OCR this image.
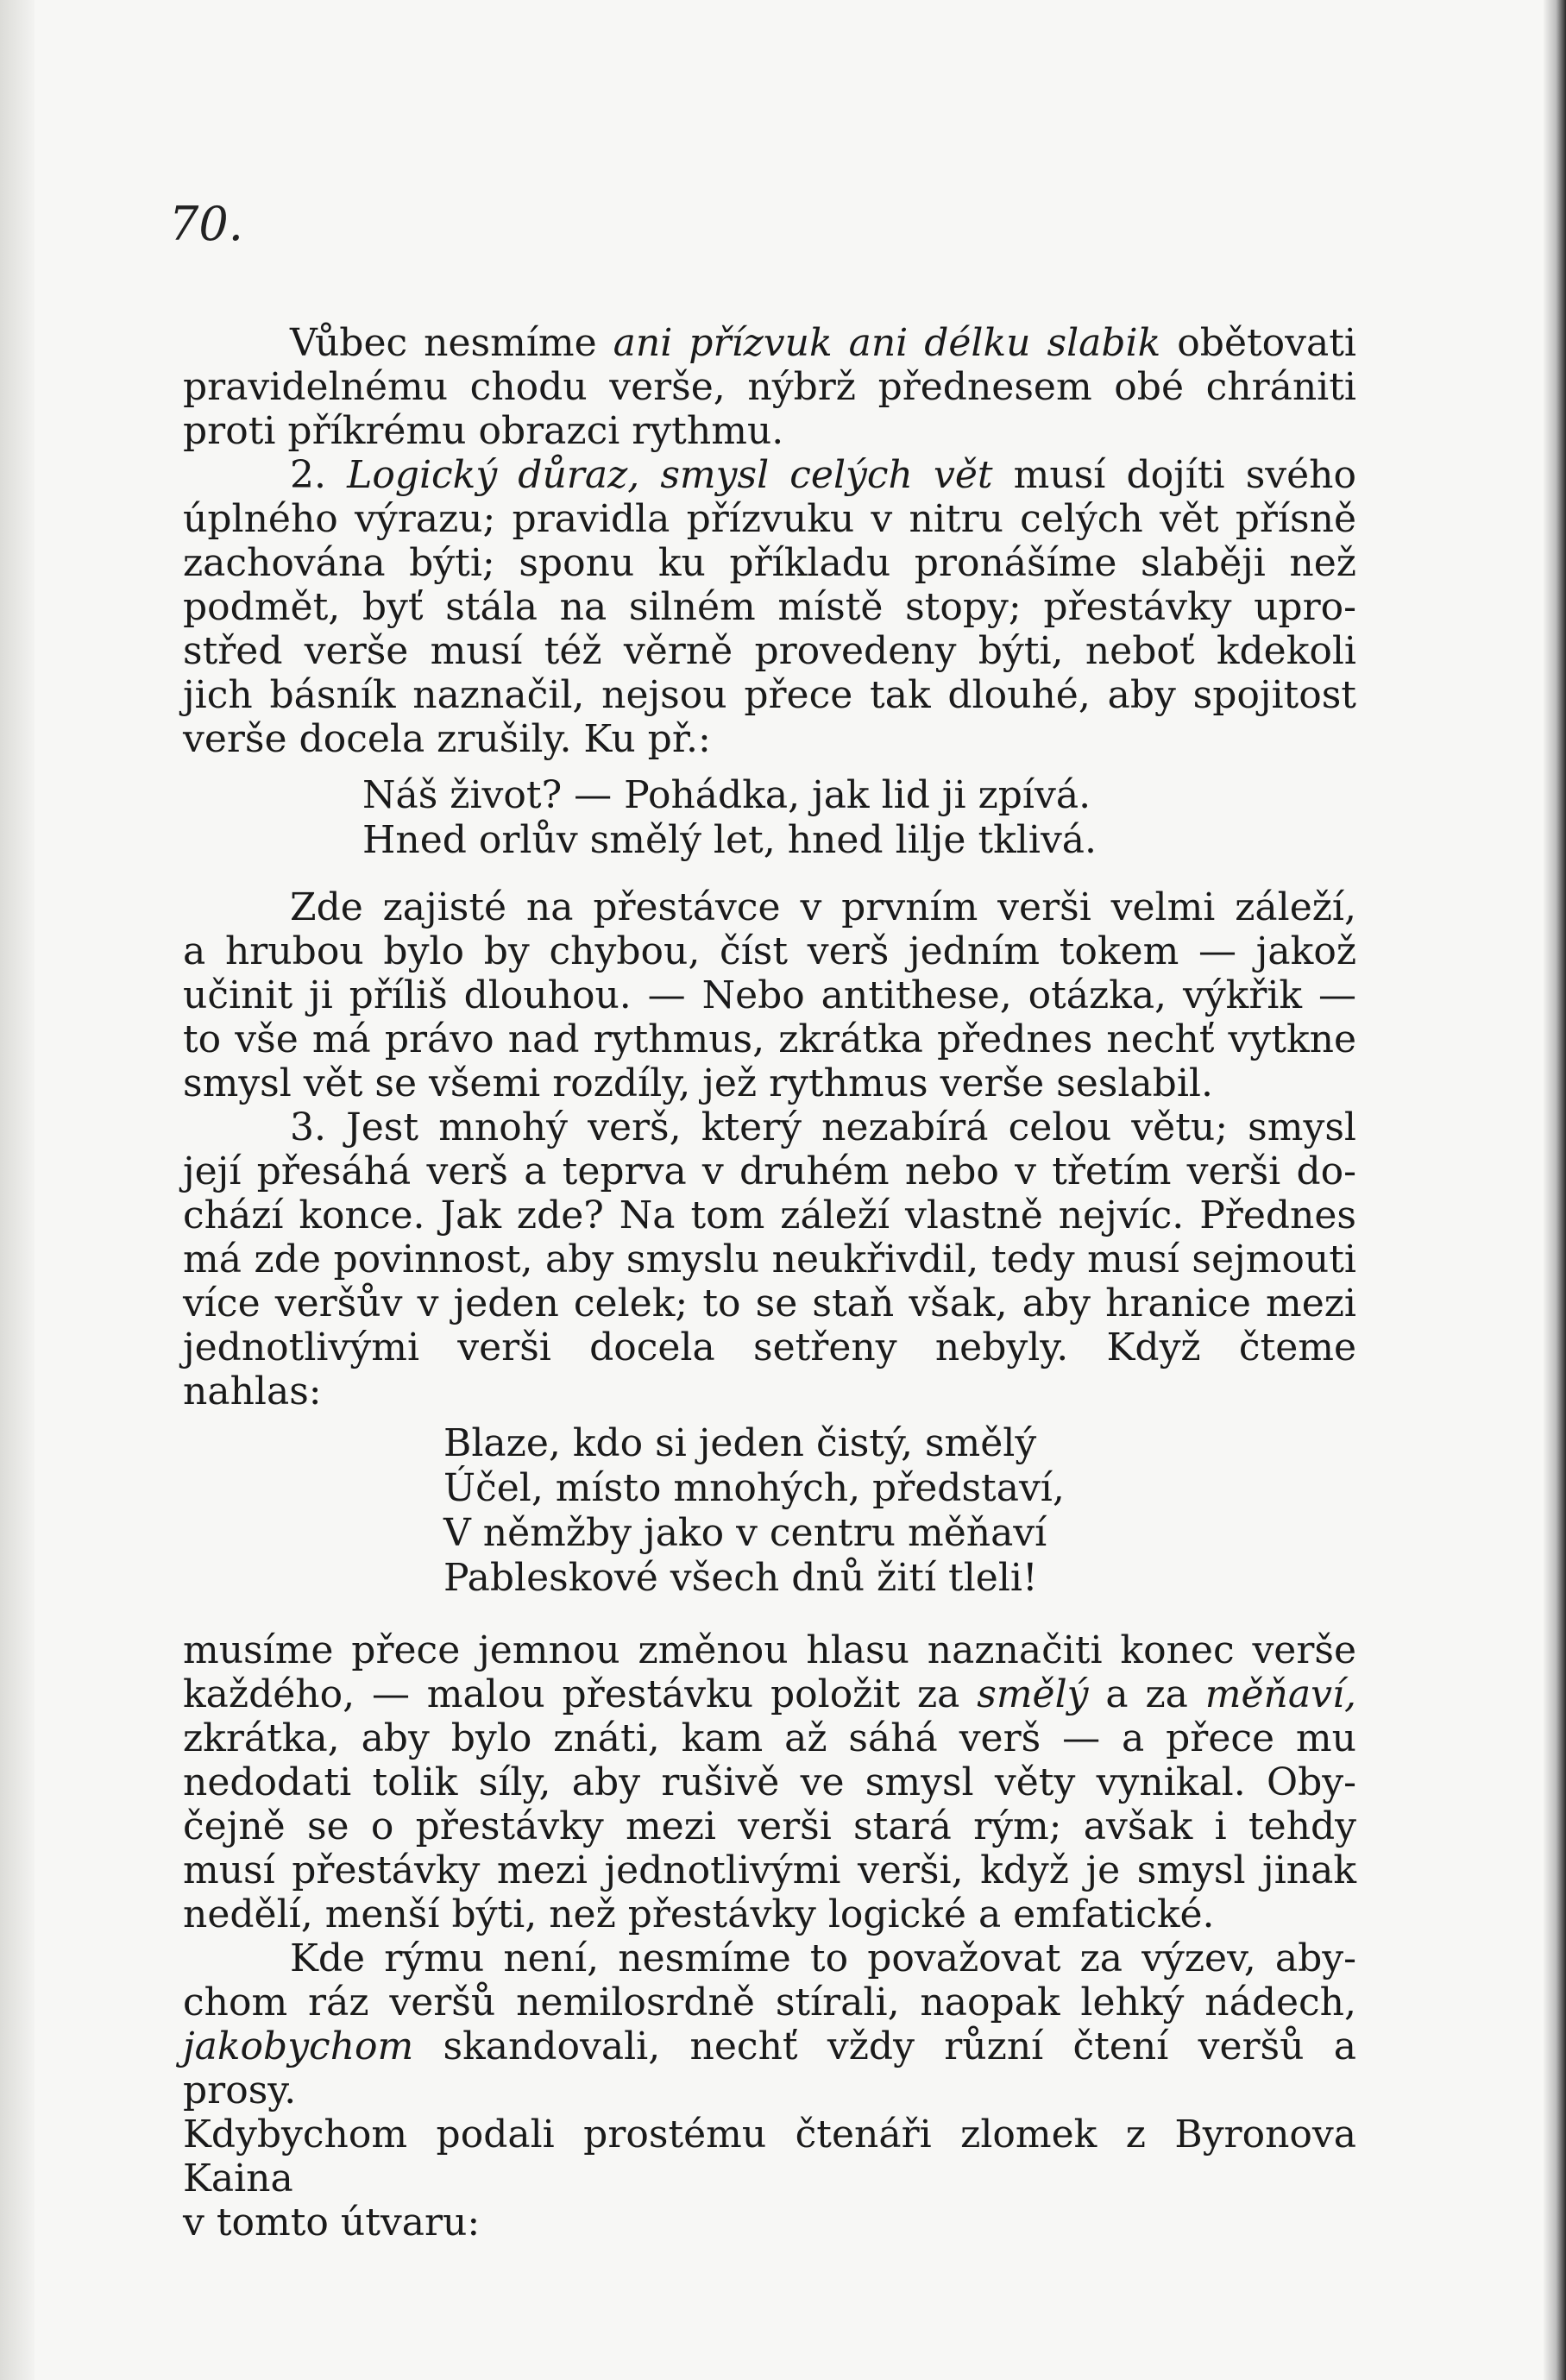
70.
Vůbec nesmíme ani přízvuk ani délku slabik obětovati
pravidelnému chodu verše, nýbrž přednesem obé chrániti
proti příkrému obrazci rythmu.
2. Logický důraz, smysl celých vět musí dojíti svého
úplného výrazu; pravidla přízvuku v nitru celých vět přísně
zachována býti; sponu ku příkladu pronášíme slaběji než
podmět, byť stála na silném místě stopy; přestávky upro-
střed verše musí též věrně provedeny býti, neboť kdekoli
jich básník naznačil, nejsou přece tak dlouhé, aby spojitost
verše docela zrušily. Ku př.:
Náš život? — Pohádka, jak lid ji zpívá.
Hned orlův smělý let, hned lilje tklivá.
Zde zajisté na přestávce v prvním verši velmi záleží,
a hrubou bylo by chybou, číst verš jedním tokem — jakož
učinit ji příliš dlouhou. — Nebo antithese, otázka, výkřik —
to vše má právo nad rythmus, zkrátka přednes nechť vytkne
smysl vět se všemi rozdíly, jež rythmus verše seslabil.
3. Jest mnohý verš, který nezabírá celou větu; smysl
její přesáhá verš a teprva v druhém nebo v třetím verši do-
chází konce. Jak zde? Na tom záleží vlastně nejvíc. Přednes
má zde povinnost, aby smyslu neukřivdil, tedy musí sejmouti
více veršův v jeden celek; to se staň však, aby hranice mezi
jednotlivými verši docela setřeny nebyly. Když čteme
nahlas:
Blaze, kdo si jeden čistý, smělý
Účel, místo mnohých, představí,
V němžby jako v centru měňaví
Pableskové všech dnů žití tleli!
musíme přece jemnou změnou hlasu naznačiti konec verše
každého, — malou přestávku položit za smělý a za měňaví,
zkrátka, aby bylo znáti, kam až sáhá verš — a přece mu
nedodati tolik síly, aby rušivě ve smysl věty vynikal. Oby-
čejně se o přestávky mezi verši stará rým; avšak i tehdy
musí přestávky mezi jednotlivými verši, když je smysl jinak
nedělí, menší býti, než přestávky logické a emfatické.
Kde rýmu není, nesmíme to považovat za výzev, aby-
chom ráz veršů nemilosrdně stírali, naopak lehký nádech,
jakobychom skandovali, nechť vždy různí čtení veršů a prosy.
Kdybychom podali prostému čtenáři zlomek z Byronova Kaina
v tomto útvaru:
